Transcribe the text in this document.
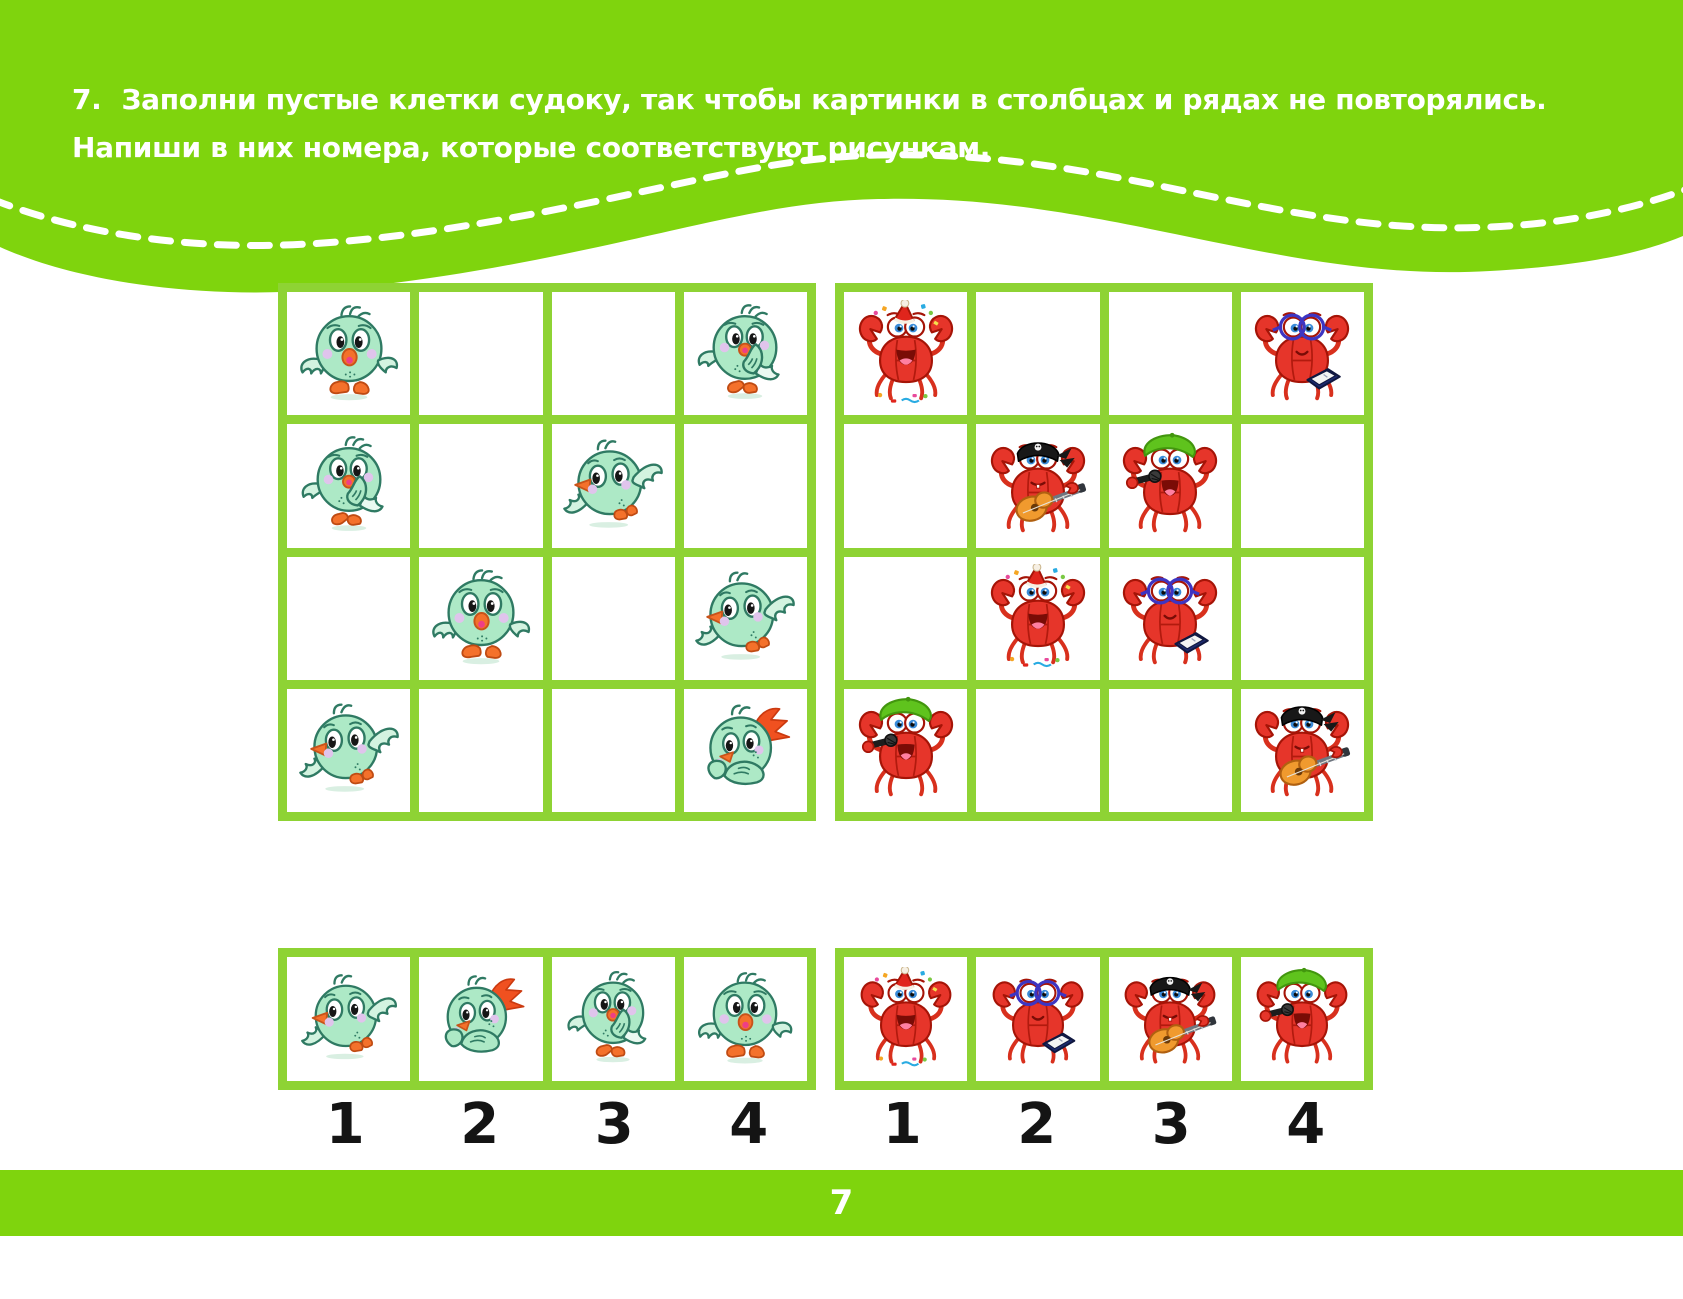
7. Заполни пустые клетки судоку, так чтобы картинки в столбцах и рядах не повторялись.
Напиши в них номера, которые соответствуют рисункам.
1	2	3	4	1	2	3	4
7
